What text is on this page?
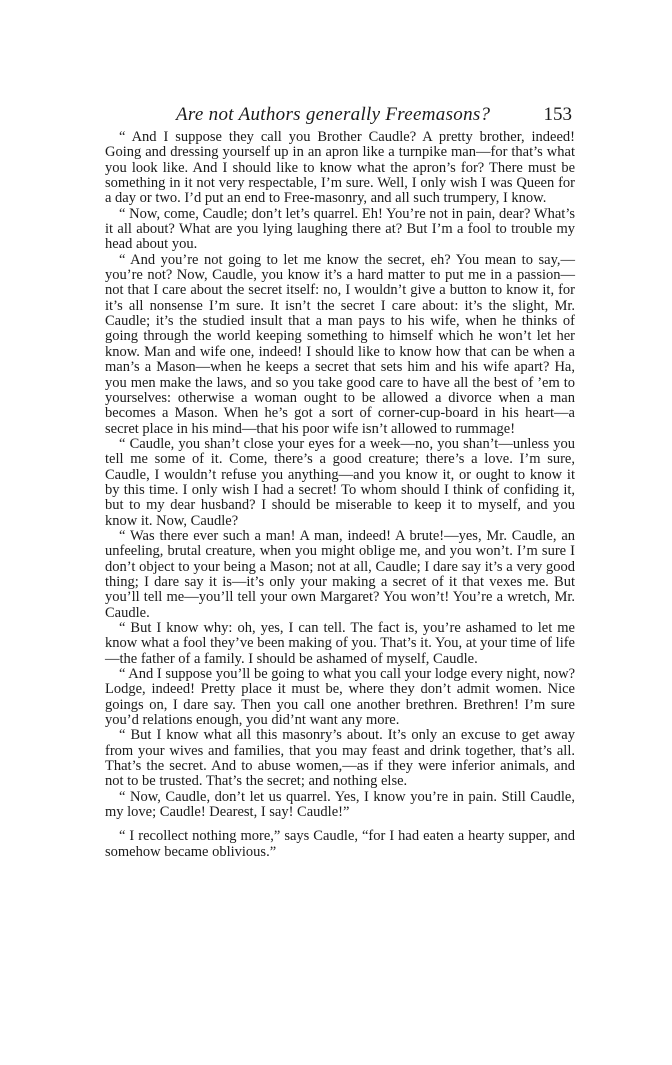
Are not Authors generally Freemasons?	153

“ And I suppose they call you Brother Caudle? A pretty brother, indeed! Going and dressing yourself up in an apron like a turnpike man—for that’s what you look like. And I should like to know what the apron’s for? There must be something in it not very respectable, I’m sure. Well, I only wish I was Queen for a day or two. I’d put an end to Free-masonry, and all such trumpery, I know.

“ Now, come, Caudle; don’t let’s quarrel. Eh! You’re not in pain, dear? What’s it all about? What are you lying laughing there at? But I’m a fool to trouble my head about you.

“ And you’re not going to let me know the secret, eh? You mean to say,—you’re not? Now, Caudle, you know it’s a hard matter to put me in a passion—not that I care about the secret itself: no, I wouldn’t give a button to know it, for it’s all nonsense I’m sure. It isn’t the secret I care about: it’s the slight, Mr. Caudle; it’s the studied insult that a man pays to his wife, when he thinks of going through the world keeping something to himself which he won’t let her know. Man and wife one, indeed! I should like to know how that can be when a man’s a Mason—when he keeps a secret that sets him and his wife apart? Ha, you men make the laws, and so you take good care to have all the best of ’em to yourselves: otherwise a woman ought to be allowed a divorce when a man becomes a Mason. When he’s got a sort of corner-cup-board in his heart—a secret place in his mind—that his poor wife isn’t allowed to rummage!

“ Caudle, you shan’t close your eyes for a week—no, you shan’t—unless you tell me some of it. Come, there’s a good creature; there’s a love. I’m sure, Caudle, I wouldn’t refuse you anything—and you know it, or ought to know it by this time. I only wish I had a secret! To whom should I think of confiding it, but to my dear husband? I should be miserable to keep it to myself, and you know it. Now, Caudle?

“ Was there ever such a man! A man, indeed! A brute!—yes, Mr. Caudle, an unfeeling, brutal creature, when you might oblige me, and you won’t. I’m sure I don’t object to your being a Mason; not at all, Caudle; I dare say it’s a very good thing; I dare say it is—it’s only your making a secret of it that vexes me. But you’ll tell me—you’ll tell your own Margaret? You won’t! You’re a wretch, Mr. Caudle.

“ But I know why: oh, yes, I can tell. The fact is, you’re ashamed to let me know what a fool they’ve been making of you. That’s it. You, at your time of life—the father of a family. I should be ashamed of myself, Caudle.

“ And I suppose you’ll be going to what you call your lodge every night, now? Lodge, indeed! Pretty place it must be, where they don’t admit women. Nice goings on, I dare say. Then you call one another brethren. Brethren! I’m sure you’d relations enough, you did’nt want any more.

“ But I know what all this masonry’s about. It’s only an excuse to get away from your wives and families, that you may feast and drink together, that’s all. That’s the secret. And to abuse women,—as if they were inferior animals, and not to be trusted. That’s the secret; and nothing else.

“ Now, Caudle, don’t let us quarrel. Yes, I know you’re in pain. Still Caudle, my love; Caudle! Dearest, I say! Caudle!”

“ I recollect nothing more,” says Caudle, “for I had eaten a hearty supper, and somehow became oblivious.”
